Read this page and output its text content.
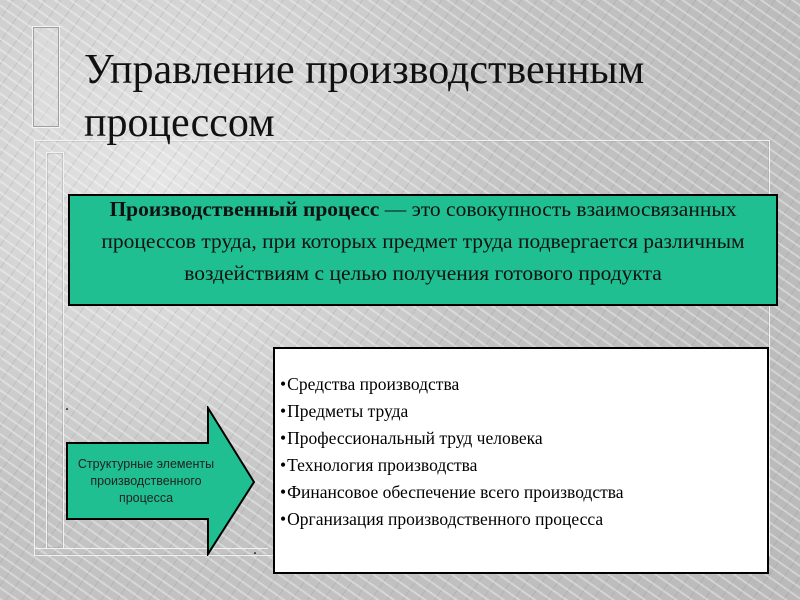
Управление производственным процессом
Производственный процесс — это совокупность взаимосвязанных процессов труда, при которых предмет труда подвергается различным воздействиям с целью получения готового продукта
.
.
Структурные элементы производственного процесса
•Средства производства
•Предметы труда
•Профессиональный труд человека
•Технология производства
•Финансовое обеспечение всего производства
•Организация производственного процесса
